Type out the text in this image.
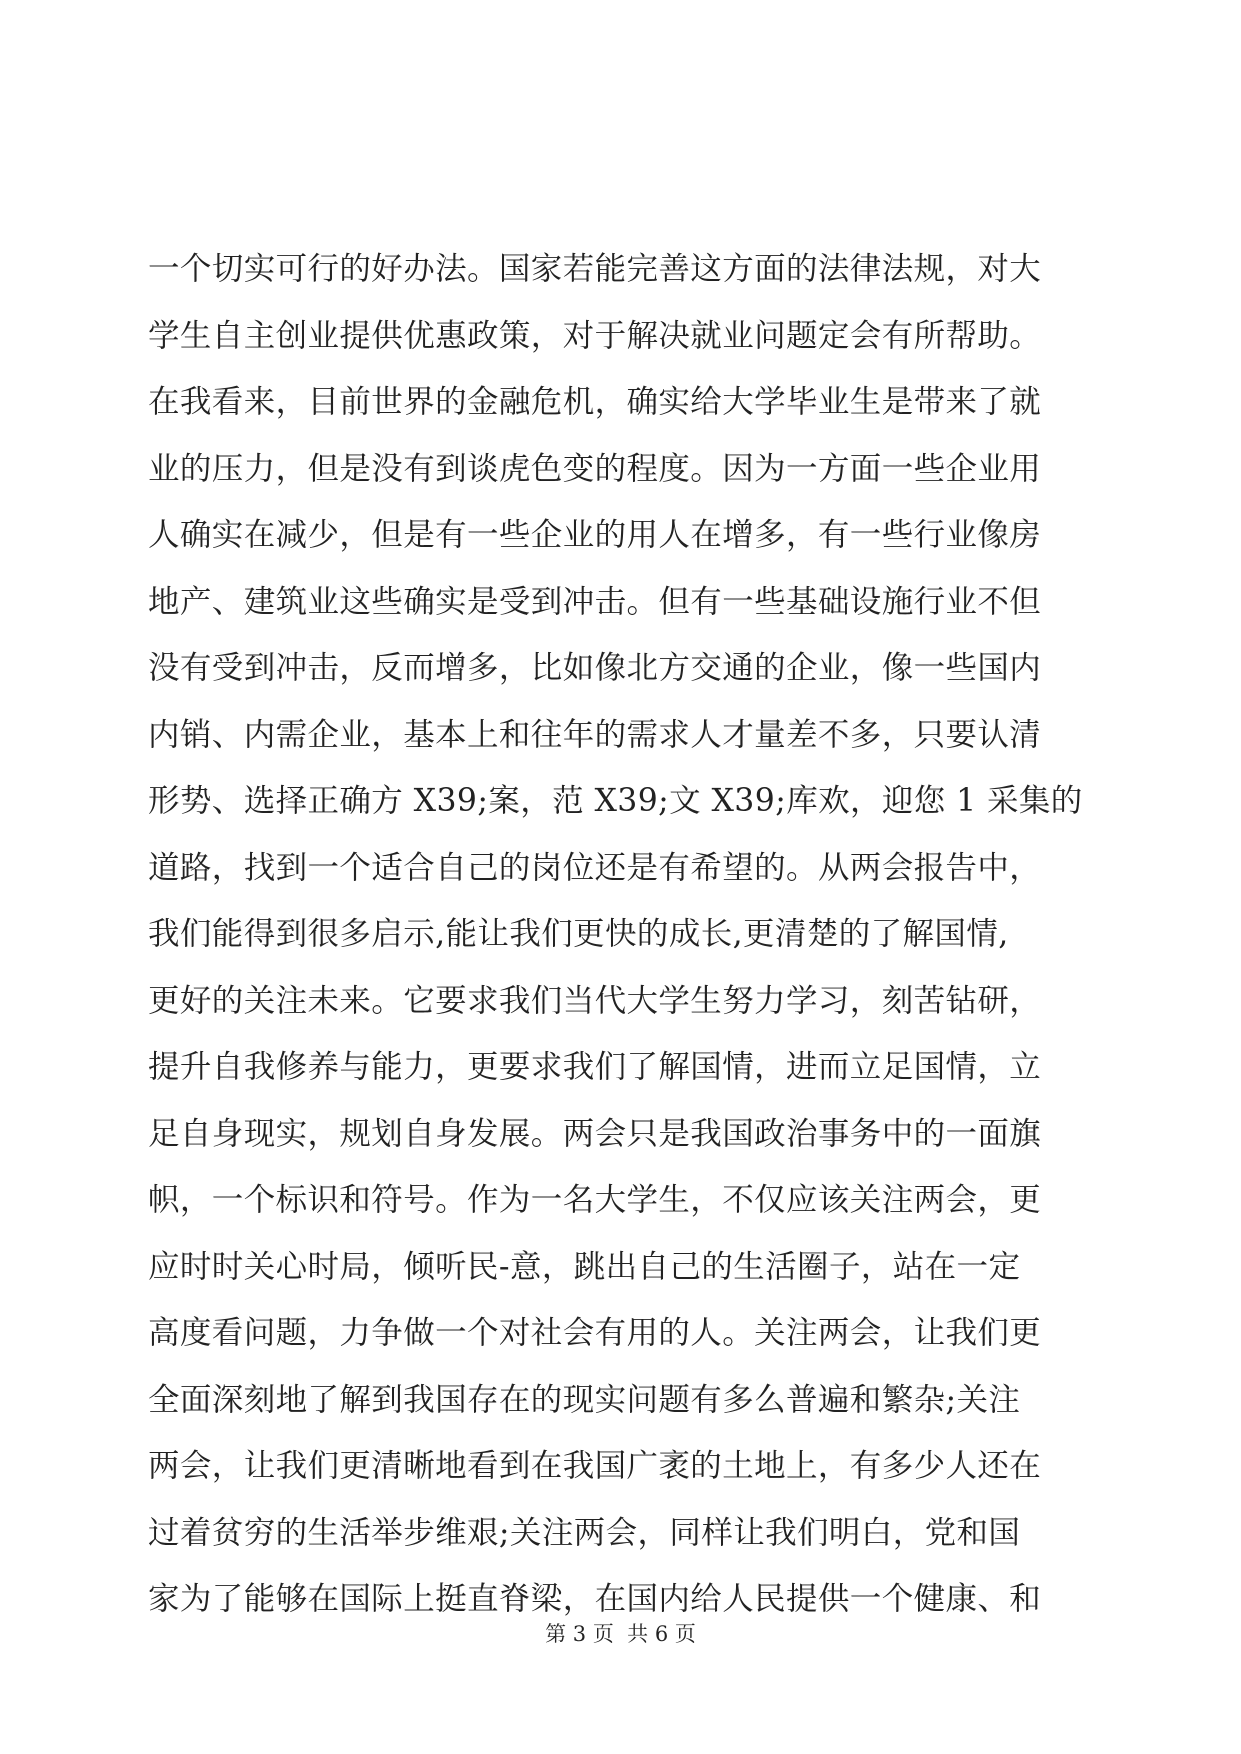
一个切实可行的好办法。国家若能完善这方面的法律法规，对大
学生自主创业提供优惠政策，对于解决就业问题定会有所帮助。
在我看来，目前世界的金融危机，确实给大学毕业生是带来了就
业的压力，但是没有到谈虎色变的程度。因为一方面一些企业用
人确实在减少，但是有一些企业的用人在增多，有一些行业像房
地产、建筑业这些确实是受到冲击。但有一些基础设施行业不但
没有受到冲击，反而增多，比如像北方交通的企业，像一些国内
内销、内需企业，基本上和往年的需求人才量差不多，只要认清
形势、选择正确方 X39;案，范 X39;文 X39;库欢，迎您 1 采集的
道路，找到一个适合自己的岗位还是有希望的。从两会报告中，
我们能得到很多启示,能让我们更快的成长,更清楚的了解国情,
更好的关注未来。它要求我们当代大学生努力学习，刻苦钻研，
提升自我修养与能力，更要求我们了解国情，进而立足国情，立
足自身现实，规划自身发展。两会只是我国政治事务中的一面旗
帜，一个标识和符号。作为一名大学生，不仅应该关注两会，更
应时时关心时局，倾听民-意，跳出自己的生活圈子，站在一定
高度看问题，力争做一个对社会有用的人。关注两会，让我们更
全面深刻地了解到我国存在的现实问题有多么普遍和繁杂;关注
两会，让我们更清晰地看到在我国广袤的土地上，有多少人还在
过着贫穷的生活举步维艰;关注两会，同样让我们明白，党和国
家为了能够在国际上挺直脊梁，在国内给人民提供一个健康、和
第 3 页  共 6 页
